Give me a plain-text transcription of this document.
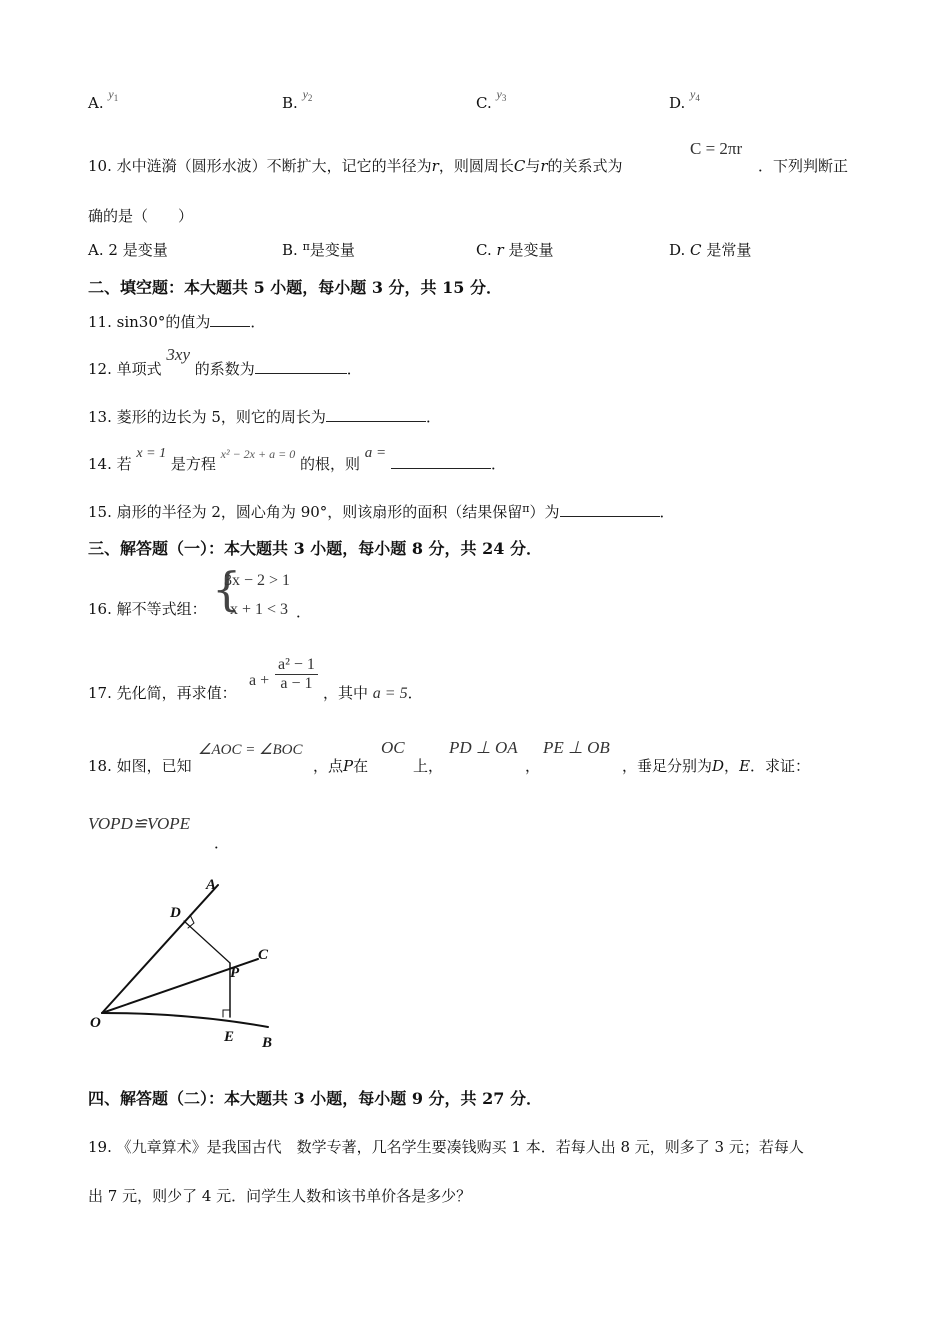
A. $^{y_1}$	B. $^{y_2}$	C. $^{y_3}$	D. $^{y_4}$
10. 水中涟漪（圆形水波）不断扩大，记它的半径为r，则圆周长C与r的关系式为
C = 2πr
．下列判断正
确的是（　　）
A. 2 是变量	B. $^\pi$是变量	C. r 是变量	D. C 是常量
二、填空题：本大题共 5 小题，每小题 3 分，共 15 分．
11. sin30°的值为	．
12. 单项式 3xy 的系数为	．
13. 菱形的边长为 5，则它的周长为	．
14. 若 x = 1 是方程 $^{x^2 - 2x + a = 0}$ 的根，则 a = ．
15. 扇形的半径为 2，圆心角为 90°，则该扇形的面积（结果保留$^\pi$）为	．
三、解答题（一）：本大题共 3 小题，每小题 8 分，共 24 分．
16. 解不等式组： {
3x − 2 > 1
x + 1 < 3 ．
17. 先化简，再求值：
$a + \frac{\text{a² − 1}}{a - 1}$ ，其中 a = 5．
18. 如图，已知
∠AOC = ∠BOC
，点P在
OC
上，
PD ⊥ OA
，
PE ⊥ OB
，垂足分别为D，E．求证：
VOPD≌VOPE
．
A
D
C
P
O
E B
四、解答题（二）：本大题共 3 小题，每小题 9 分，共 27 分．
19. 《九章算术》是我国古代　数学专著，几名学生要凑钱购买 1 本．若每人出 8 元，则多了 3 元；若每人
出 7 元，则少了 4 元．问学生人数和该书单价各是多少？
